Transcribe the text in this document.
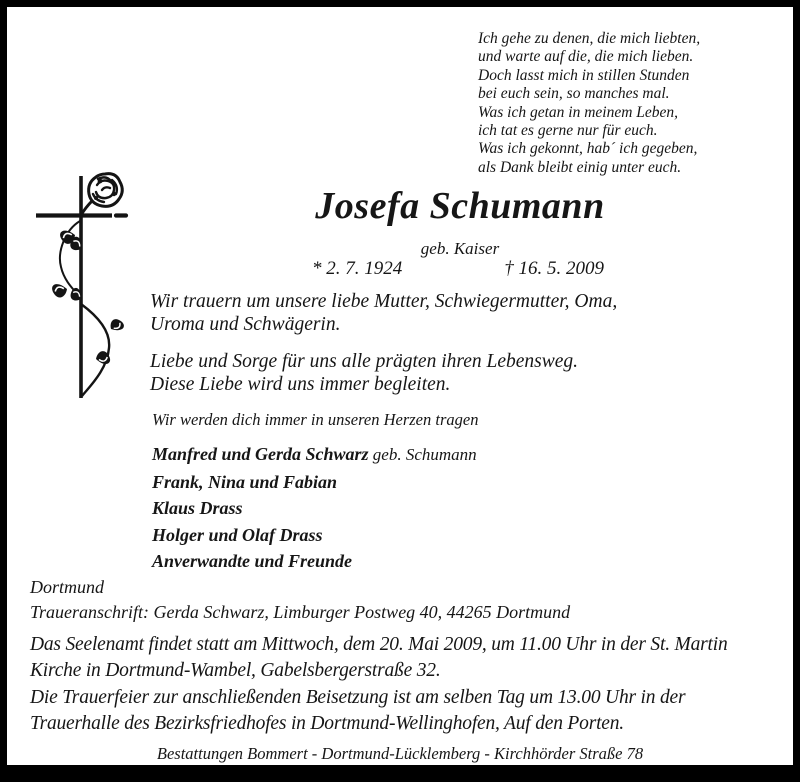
Ich gehe zu denen, die mich liebten,
und warte auf die, die mich lieben.
Doch lasst mich in stillen Stunden
bei euch sein, so manches mal.
Was ich getan in meinem Leben,
ich tat es gerne nur für euch.
Was ich gekonnt, hab´ ich gegeben,
als Dank bleibt einig unter euch.
Josefa Schumann
geb. Kaiser
* 2. 7. 1924	† 16. 5. 2009
Wir trauern um unsere liebe Mutter, Schwiegermutter, Oma,
Uroma und Schwägerin.
Liebe und Sorge für uns alle prägten ihren Lebensweg.
Diese Liebe wird uns immer begleiten.
Wir werden dich immer in unseren Herzen tragen
Manfred und Gerda Schwarz geb. Schumann
Frank, Nina und Fabian
Klaus Drass
Holger und Olaf Drass
Anverwandte und Freunde
Dortmund
Traueranschrift: Gerda Schwarz, Limburger Postweg 40, 44265 Dortmund
Das Seelenamt findet statt am Mittwoch, dem 20. Mai 2009, um 11.00 Uhr in der St. Martin
Kirche in Dortmund-Wambel, Gabelsbergerstraße 32.
Die Trauerfeier zur anschließenden Beisetzung ist am selben Tag um 13.00 Uhr in der
Trauerhalle des Bezirksfriedhofes in Dortmund-Wellinghofen, Auf den Porten.
Bestattungen Bommert - Dortmund-Lücklemberg - Kirchhörder Straße 78
